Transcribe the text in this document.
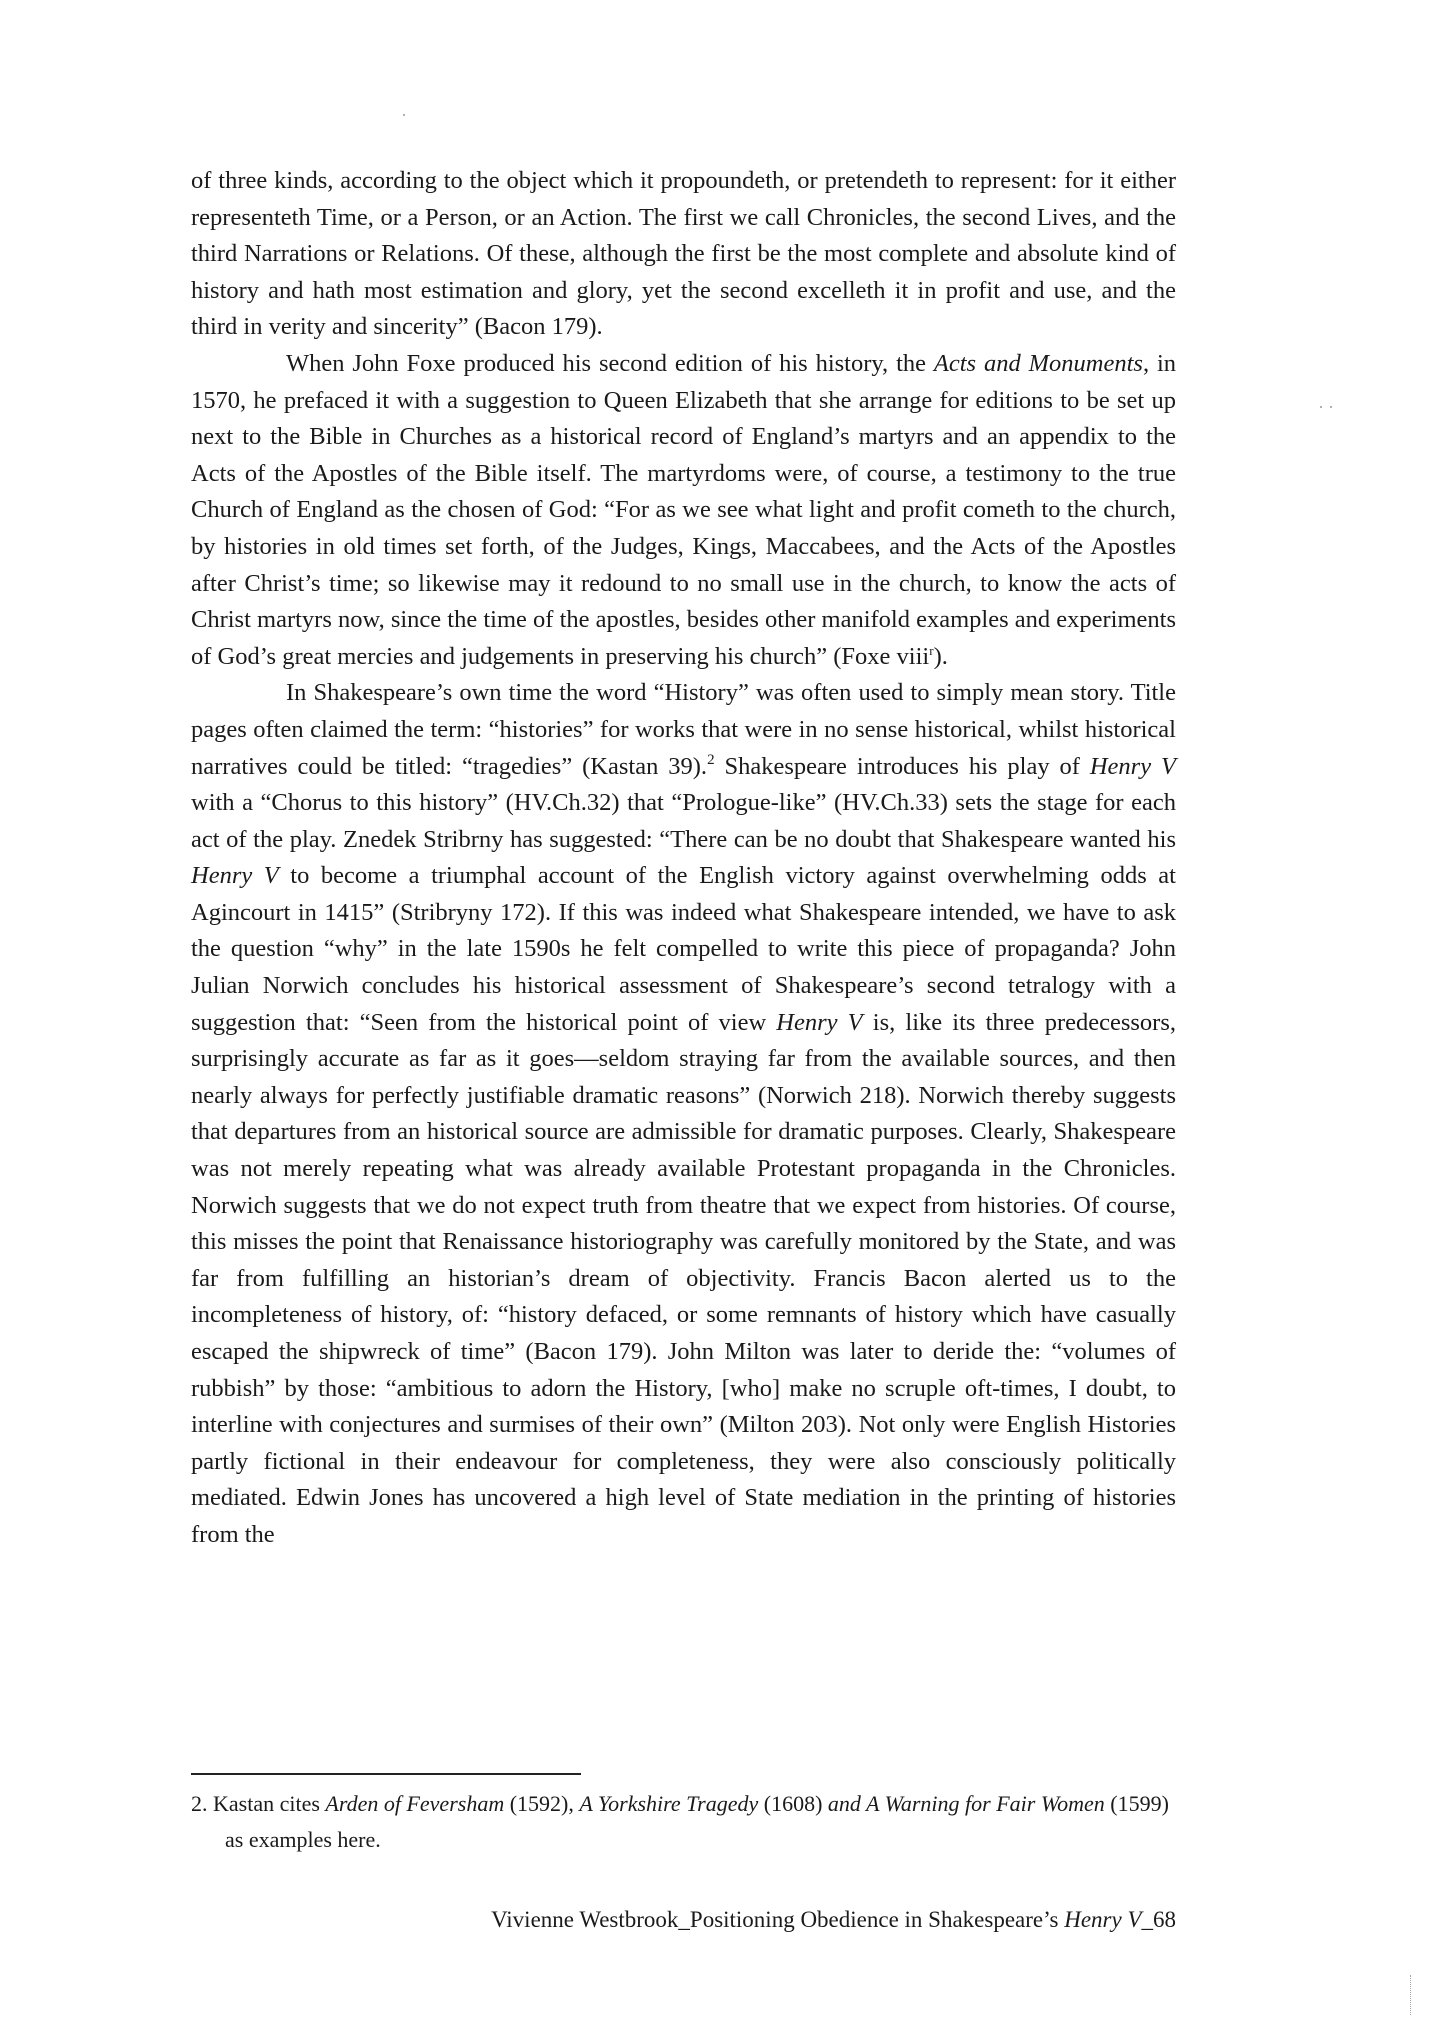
of three kinds, according to the object which it propoundeth, or pretendeth to represent: for it either representeth Time, or a Person, or an Action. The first we call Chronicles, the second Lives, and the third Narrations or Relations. Of these, although the first be the most complete and absolute kind of history and hath most estimation and glory, yet the second excelleth it in profit and use, and the third in verity and sincerity” (Bacon 179).

When John Foxe produced his second edition of his history, the Acts and Monuments, in 1570, he prefaced it with a suggestion to Queen Elizabeth that she arrange for editions to be set up next to the Bible in Churches as a historical record of England’s martyrs and an appendix to the Acts of the Apostles of the Bible itself. The martyrdoms were, of course, a testimony to the true Church of England as the chosen of God: “For as we see what light and profit cometh to the church, by histories in old times set forth, of the Judges, Kings, Maccabees, and the Acts of the Apostles after Christ’s time; so likewise may it redound to no small use in the church, to know the acts of Christ martyrs now, since the time of the apostles, besides other manifold examples and experiments of God’s great mercies and judgements in preserving his church” (Foxe viii$^r$).

In Shakespeare’s own time the word “History” was often used to simply mean story. Title pages often claimed the term: “histories” for works that were in no sense historical, whilst historical narratives could be titled: “tragedies” (Kastan 39).$^2$ Shakespeare introduces his play of Henry V with a “Chorus to this history” (HV.Ch.32) that “Prologue-like” (HV.Ch.33) sets the stage for each act of the play. Znedek Stribrny has suggested: “There can be no doubt that Shakespeare wanted his Henry V to become a triumphal account of the English victory against overwhelming odds at Agincourt in 1415” (Stribryny 172). If this was indeed what Shakespeare intended, we have to ask the question “why” in the late 1590s he felt compelled to write this piece of propaganda? John Julian Norwich concludes his historical assessment of Shakespeare’s second tetralogy with a suggestion that: “Seen from the historical point of view Henry V is, like its three predecessors, surprisingly accurate as far as it goes—seldom straying far from the available sources, and then nearly always for perfectly justifiable dramatic reasons” (Norwich 218). Norwich thereby suggests that departures from an historical source are admissible for dramatic purposes. Clearly, Shakespeare was not merely repeating what was already available Protestant propaganda in the Chronicles. Norwich suggests that we do not expect truth from theatre that we expect from histories. Of course, this misses the point that Renaissance historiography was carefully monitored by the State, and was far from fulfilling an historian’s dream of objectivity. Francis Bacon alerted us to the incompleteness of history, of: “history defaced, or some remnants of history which have casually escaped the shipwreck of time” (Bacon 179). John Milton was later to deride the: “volumes of rubbish” by those: “ambitious to adorn the History, [who] make no scruple oft-times, I doubt, to interline with conjectures and surmises of their own” (Milton 203). Not only were English Histories partly fictional in their endeavour for completeness, they were also consciously politically mediated. Edwin Jones has uncovered a high level of State mediation in the printing of histories from the

2. Kastan cites Arden of Feversham (1592), A Yorkshire Tragedy (1608) and A Warning for Fair Women (1599) as examples here.
Vivienne Westbrook_Positioning Obedience in Shakespeare’s Henry V_68
